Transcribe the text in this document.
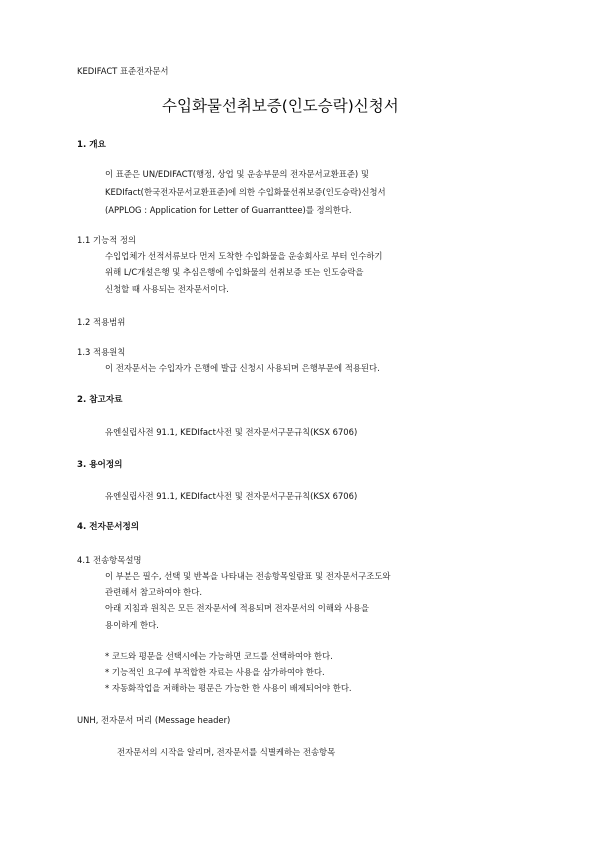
KEDIFACT 표준전자문서
수입화물선취보증(인도승락)신청서
1. 개요
이 표준은 UN/EDIFACT(행정, 상업 및 운송부문의 전자문서교환표준) 및
KEDIfact(한국전자문서교환표준)에 의한 수입화물선취보증(인도승락)신청서
(APPLOG : Application for Letter of Guarranttee)를 정의한다.
1.1 기능적 정의
수입업체가 선적서류보다 먼저 도착한 수입화물을 운송회사로 부터 인수하기
위해 L/C개설은행 및 추심은행에 수입화물의 선취보증 또는 인도승락을
신청할 때 사용되는 전자문서이다.
1.2 적용범위
1.3 적용원칙
이 전자문서는 수입자가 은행에 발급 신청시 사용되며 은행부문에 적용된다.
2. 참고자료
유엔실립사전 91.1, KEDIfact사전 및 전자문서구문규칙(KSX 6706)
3. 용어정의
유엔실립사전 91.1, KEDIfact사전 및 전자문서구문규칙(KSX 6706)
4. 전자문서정의
4.1 전송항목설명
이 부분은 필수, 선택 및 반복을 나타내는 전송항목일람표 및 전자문서구조도와
관련해서 참고하여야 한다.
아래 지침과 원칙은 모든 전자문서에 적용되며 전자문서의 이해와 사용을
용이하게 한다.
* 코드와 평문을 선택시에는 가능하면 코드를 선택하여야 한다.
* 기능적인 요구에 부적합한 자료는 사용을 삼가하여야 한다.
* 자동화작업을 저해하는 평문은 가능한 한 사용이 배제되어야 한다.
UNH, 전자문서 머리 (Message header)
전자문서의 시작을 알리며, 전자문서를 식별케하는 전송항목
